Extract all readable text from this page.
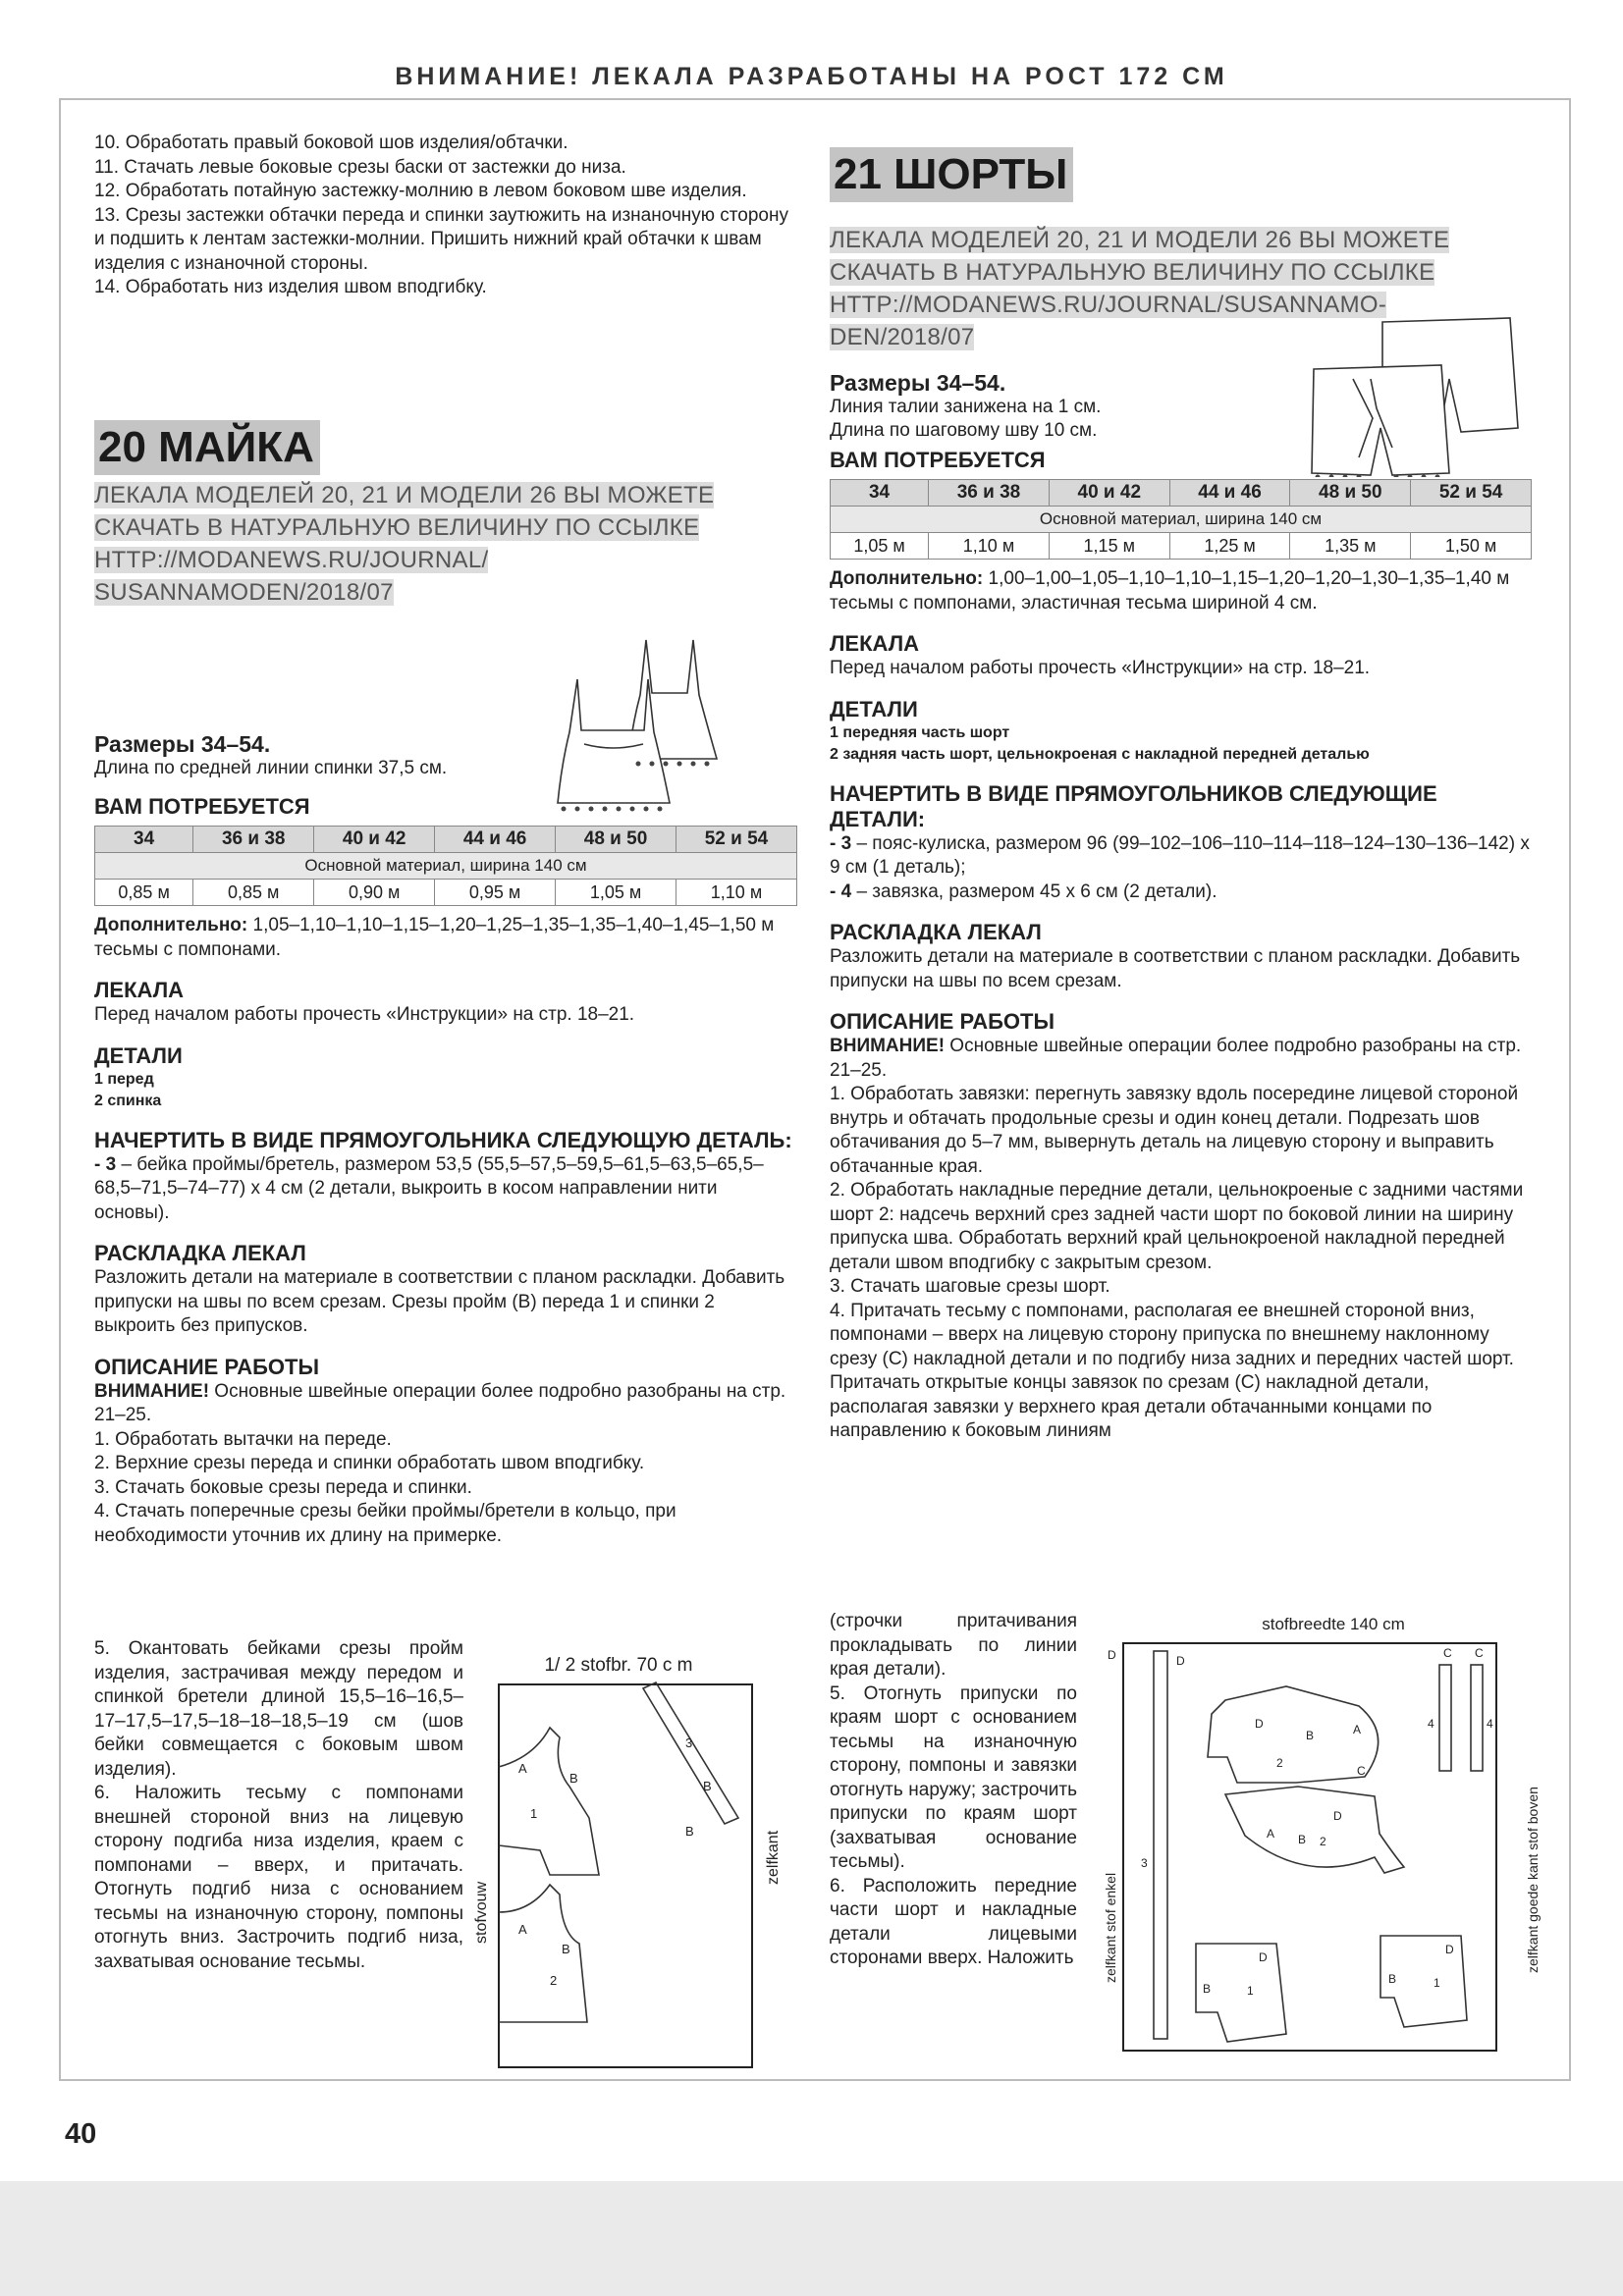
ВНИМАНИЕ! ЛЕКАЛА РАЗРАБОТАНЫ НА РОСТ 172 СМ
10. Обработать правый боковой шов изделия/обтачки.
11. Стачать левые боковые срезы баски от застежки до низа.
12. Обработать потайную застежку-молнию в левом боковом шве изделия.
13. Срезы застежки обтачки переда и спинки заутюжить на изнаночную сторону и подшить к лентам застежки-молнии. Пришить нижний край обтачки к швам изделия с изнаночной стороны.
14. Обработать низ изделия швом вподгибку.
20 МАЙКА
ЛЕКАЛА МОДЕЛЕЙ 20, 21 И МОДЕЛИ 26 ВЫ МОЖЕТЕ
СКАЧАТЬ В НАТУРАЛЬНУЮ ВЕЛИЧИНУ ПО ССЫЛКЕ
HTTP://MODANEWS.RU/JOURNAL/
SUSANNAMODEN/2018/07
Размеры 34–54.
Длина по средней линии спинки 37,5 см.
ВАМ ПОТРЕБУЕТСЯ
34	36 и 38	40 и 42	44 и 46	48 и 50	52 и 54
Основной материал, ширина 140 см					
0,85 м	0,85 м	0,90 м	0,95 м	1,05 м	1,10 м
Дополнительно: 1,05–1,10–1,10–1,15–1,20–1,25–1,35–1,35–1,40–1,45–1,50 м тесьмы с помпонами.
ЛЕКАЛА
Перед началом работы прочесть «Инструкции» на стр. 18–21.
ДЕТАЛИ
1 перед
2 спинка
НАЧЕРТИТЬ В ВИДЕ ПРЯМОУГОЛЬНИКА СЛЕДУЮЩУЮ ДЕТАЛЬ:
- 3 – бейка проймы/бретель, размером 53,5 (55,5–57,5–59,5–61,5–63,5–65,5–68,5–71,5–74–77) х 4 см (2 детали, выкроить в косом направлении нити основы).
РАСКЛАДКА ЛЕКАЛ
Разложить детали на материале в соответствии с планом раскладки. Добавить припуски на швы по всем срезам. Срезы пройм (В) переда 1 и спинки 2 выкроить без припусков.
ОПИСАНИЕ РАБОТЫ
ВНИМАНИЕ! Основные швейные операции более подробно разобраны на стр. 21–25.
1. Обработать вытачки на переде.
2. Верхние срезы переда и спинки обработать швом вподгибку.
3. Стачать боковые срезы переда и спинки.
4. Стачать поперечные срезы бейки проймы/бретели в кольцо, при необходимости уточнив их длину на примерке.
5. Окантовать бейками срезы пройм изделия, застрачивая между передом и спинкой бретели длиной 15,5–16–16,5–17–17,5–17,5–18–18–18,5–19 см (шов бейки совмещается с боковым швом изделия).
6. Наложить тесьму с помпонами внешней стороной вниз на лицевую сторону подгиба низа изделия, краем с помпонами – вверх, и притачать. Отогнуть подгиб низа с основанием тесьмы на изнаночную сторону, помпоны отогнуть вниз. Застрочить подгиб низа, захватывая основание тесьмы.
1/ 2 stofbr. 70 c m
A
B
1
A
B
2
3
B
B
stofvouw
zelfkant
21 ШОРТЫ
ЛЕКАЛА МОДЕЛЕЙ 20, 21 И МОДЕЛИ 26 ВЫ МОЖЕТЕ
СКАЧАТЬ В НАТУРАЛЬНУЮ ВЕЛИЧИНУ ПО ССЫЛКЕ
HTTP://MODANEWS.RU/JOURNAL/SUSANNAMO-
DEN/2018/07
Размеры 34–54.
Линия талии занижена на 1 см.
Длина по шаговому шву 10 см.
ВАМ ПОТРЕБУЕТСЯ
34	36 и 38	40 и 42	44 и 46	48 и 50	52 и 54
Основной материал, ширина 140 см					
1,05 м	1,10 м	1,15 м	1,25 м	1,35 м	1,50 м
Дополнительно: 1,00–1,00–1,05–1,10–1,10–1,15–1,20–1,20–1,30–1,35–1,40 м тесьмы с помпонами, эластичная тесьма шириной 4 см.
ЛЕКАЛА
Перед началом работы прочесть «Инструкции» на стр. 18–21.
ДЕТАЛИ
1 передняя часть шорт
2 задняя часть шорт, цельнокроеная с накладной передней деталью
НАЧЕРТИТЬ В ВИДЕ ПРЯМОУГОЛЬНИКОВ СЛЕДУЮЩИЕ ДЕТАЛИ:
- 3 – пояс-кулиска, размером 96 (99–102–106–110–114–118–124–130–136–142) х 9 см (1 деталь);
- 4 – завязка, размером 45 х 6 см (2 детали).
РАСКЛАДКА ЛЕКАЛ
Разложить детали на материале в соответствии с планом раскладки. Добавить припуски на швы по всем срезам.
ОПИСАНИЕ РАБОТЫ
ВНИМАНИЕ! Основные швейные операции более подробно разобраны на стр. 21–25.
1. Обработать завязки: перегнуть завязку вдоль посередине лицевой стороной внутрь и обтачать продольные срезы и один конец детали. Подрезать шов обтачивания до 5–7 мм, вывернуть деталь на лицевую сторону и выправить обтачанные края.
2. Обработать накладные передние детали, цельнокроеные с задними частями шорт 2: надсечь верхний срез задней части шорт по боковой линии на ширину припуска шва. Обработать верхний край цельнокроеной накладной передней детали швом вподгибку с закрытым срезом.
3. Стачать шаговые срезы шорт.
4. Притачать тесьму с помпонами, располагая ее внешней стороной вниз, помпонами – вверх на лицевую сторону припуска по внешнему наклонному срезу (С) накладной детали и по подгибу низа задних и передних частей шорт. Притачать открытые концы завязок по срезам (С) накладной детали, располагая завязки у верхнего края детали обтачанными концами по направлению к боковым линиям
(строчки притачивания прокладывать по линии края детали).
5. Отогнуть припуски по краям шорт с основанием тесьмы на изнаночную сторону, помпоны и завязки отогнуть наружу; застрочить припуски по краям шорт (захватывая основание тесьмы).
6. Расположить передние части шорт и накладные детали лицевыми сторонами вверх. Наложить
stofbreedte 140 cm
D	D
3
C C
4	4
D
B
2
A
C
A B 2
D
D
B	1
D
B	1
zelfkant stof enkel	zelfkant goede kant stof boven
40
